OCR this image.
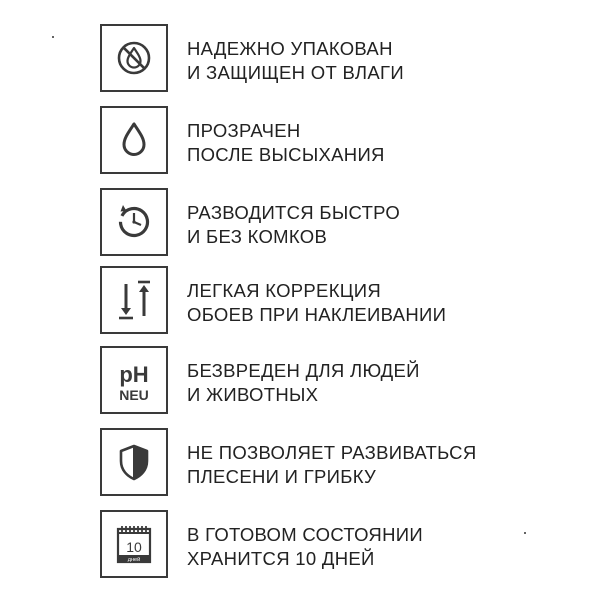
НАДЕЖНО УПАКОВАН
И ЗАЩИЩЕН ОТ ВЛАГИ
ПРОЗРАЧЕН
ПОСЛЕ ВЫСЫХАНИЯ
РАЗВОДИТСЯ БЫСТРО
И БЕЗ КОМКОВ
ЛЕГКАЯ КОРРЕКЦИЯ
ОБОЕВ ПРИ НАКЛЕИВАНИИ
pH
NEU
БЕЗВРЕДЕН ДЛЯ ЛЮДЕЙ
И ЖИВОТНЫХ
НЕ ПОЗВОЛЯЕТ РАЗВИВАТЬСЯ
ПЛЕСЕНИ И ГРИБКУ
10
дней
В ГОТОВОМ СОСТОЯНИИ
ХРАНИТСЯ 10 ДНЕЙ
